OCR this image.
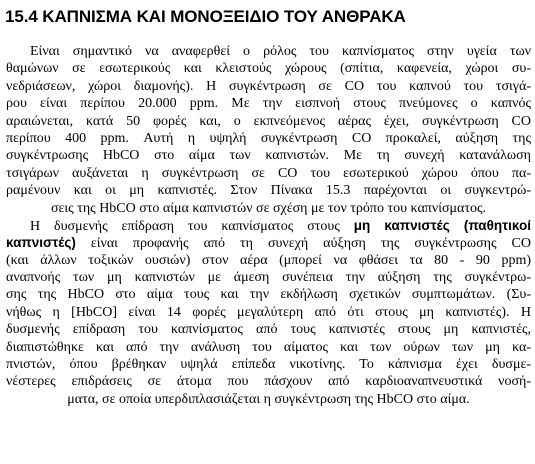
15.4 ΚΑΠΝΙΣΜΑ ΚΑΙ ΜΟΝΟΞΕΙΔΙΟ ΤΟΥ ΑΝΘΡΑΚΑ
Είναι σημαντικό να αναφερθεί ο ρόλος του καπνίσματος στην υγεία των
θαμώνων σε εσωτερικούς και κλειστούς χώρους (σπίτια, καφενεία, χώροι συ-
νεδριάσεων, χώροι διαμονής). Η συγκέντρωση σε CO του καπνού του τσιγά-
ρου είναι περίπου 20.000 ppm. Με την εισπνοή στους πνεύμονες ο καπνός
αραιώνεται, κατά 50 φορές και, ο εκπνεόμενος αέρας έχει, συγκέντρωση CO
περίπου 400 ppm. Αυτή η υψηλή συγκέντρωση CO προκαλεί, αύξηση της
συγκέντρωσης HbCO στο αίμα των καπνιστών. Με τη συνεχή κατανάλωση
τσιγάρων αυξάνεται η συγκέντρωση σε CO του εσωτερικού χώρου όπου πα-
ραμένουν και οι μη καπνιστές. Στον Πίνακα 15.3 παρέχονται οι συγκεντρώ-
σεις της HbCO στο αίμα καπνιστών σε σχέση με τον τρόπο του καπνίσματος.
Η δυσμενής επίδραση του καπνίσματος στους μη καπνιστές (παθητικοί
καπνιστές) είναι προφανής από τη συνεχή αύξηση της συγκέντρωσης CO
(και άλλων τοξικών ουσιών) στον αέρα (μπορεί να φθάσει τα 80 - 90 ppm)
αναπνοής των μη καπνιστών με άμεση συνέπεια την αύξηση της συγκέντρω-
σης της HbCO στο αίμα τους και την εκδήλωση σχετικών συμπτωμάτων. (Συ-
νήθως η [HbCO] είναι 14 φορές μεγαλύτερη από ότι στους μη καπνιστές). Η
δυσμενής επίδραση του καπνίσματος από τους καπνιστές στους μη καπνιστές,
διαπιστώθηκε και από την ανάλυση του αίματος και των ούρων των μη κα-
πνιστών, όπου βρέθηκαν υψηλά επίπεδα νικοτίνης. Το κάπνισμα έχει δυσμε-
νέστερες επιδράσεις σε άτομα που πάσχουν από καρδιοαναπνευστικά νοσή-
ματα, σε οποία υπερδιπλασιάζεται η συγκέντρωση της HbCO στο αίμα.
